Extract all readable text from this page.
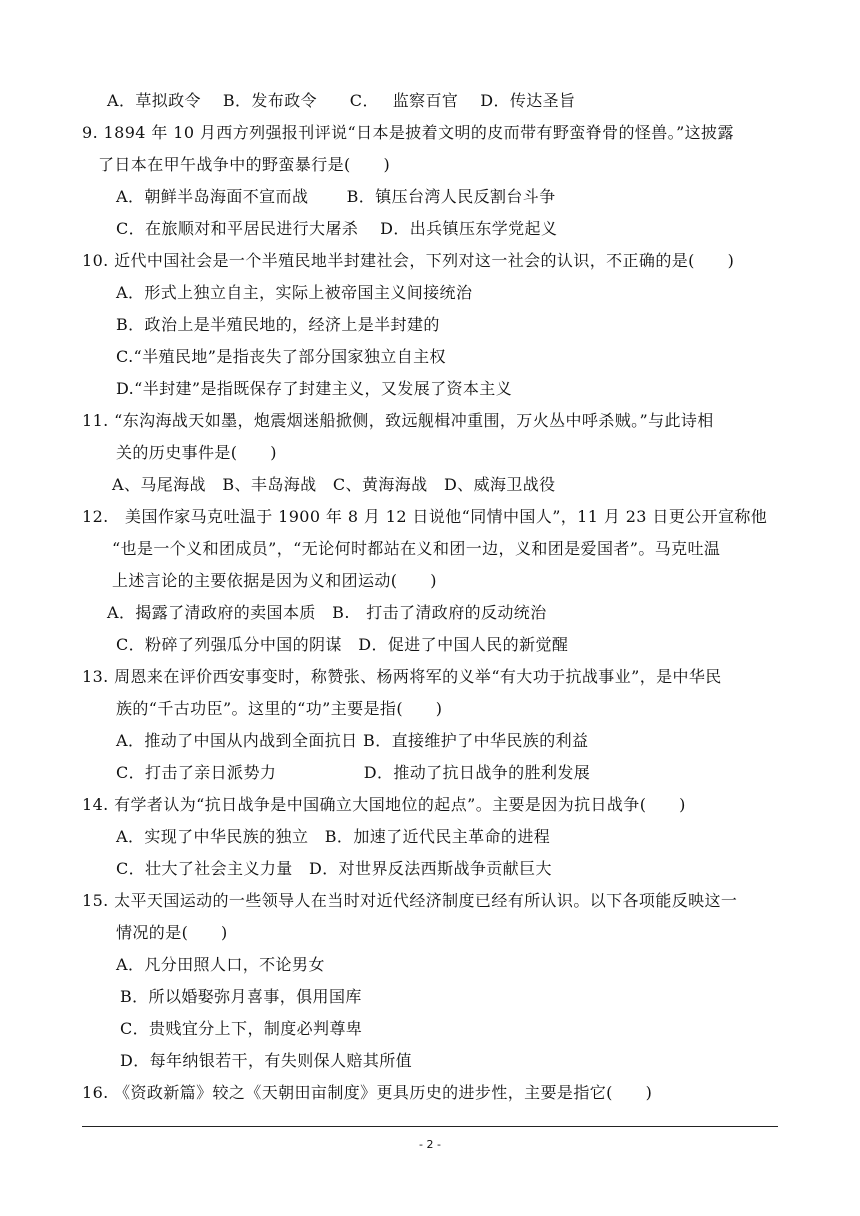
A．草拟政令　 B．发布政令　　C．　 监察百官　 D．传达圣旨
9. 1894 年 10 月西方列强报刊评说“日本是披着文明的皮而带有野蛮脊骨的怪兽。”这披露
了日本在甲午战争中的野蛮暴行是(　　)
A．朝鲜半岛海面不宣而战　　 B．镇压台湾人民反割台斗争
C．在旅顺对和平居民进行大屠杀　 D．出兵镇压东学党起义
10. 近代中国社会是一个半殖民地半封建社会，下列对这一社会的认识，不正确的是(　　)
A．形式上独立自主，实际上被帝国主义间接统治
B．政治上是半殖民地的，经济上是半封建的
C.“半殖民地”是指丧失了部分国家独立自主权
D.“半封建”是指既保存了封建主义，又发展了资本主义
11. “东沟海战天如墨，炮震烟迷船掀侧，致远舰楫冲重围，万火丛中呼杀贼。”与此诗相
关的历史事件是(　　)
A、马尾海战　B、丰岛海战　C、黄海海战　D、威海卫战役
12.　美国作家马克吐温于 1900 年 8 月 12 日说他“同情中国人”，11 月 23 日更公开宣称他
“也是一个义和团成员”，“无论何时都站在义和团一边，义和团是爱国者”。马克吐温
上述言论的主要依据是因为义和团运动(　　)
A．揭露了清政府的卖国本质　B.　打击了清政府的反动统治
C．粉碎了列强瓜分中国的阴谋　D．促进了中国人民的新觉醒
13. 周恩来在评价西安事变时，称赞张、杨两将军的义举“有大功于抗战事业”，是中华民
族的“千古功臣”。这里的“功”主要是指(　　)
A．推动了中国从内战到全面抗日 B．直接维护了中华民族的利益
C．打击了亲日派势力　　　　　 D．推动了抗日战争的胜利发展
14. 有学者认为“抗日战争是中国确立大国地位的起点”。主要是因为抗日战争(　　)
A．实现了中华民族的独立　B．加速了近代民主革命的进程
C．壮大了社会主义力量　D．对世界反法西斯战争贡献巨大
15. 太平天国运动的一些领导人在当时对近代经济制度已经有所认识。以下各项能反映这一
情况的是(　　)
A．凡分田照人口，不论男女
B．所以婚娶弥月喜事，俱用国库
C．贵贱宜分上下，制度必判尊卑
D．每年纳银若干，有失则保人赔其所值
16. 《资政新篇》较之《天朝田亩制度》更具历史的进步性，主要是指它(　　)
- 2 -
